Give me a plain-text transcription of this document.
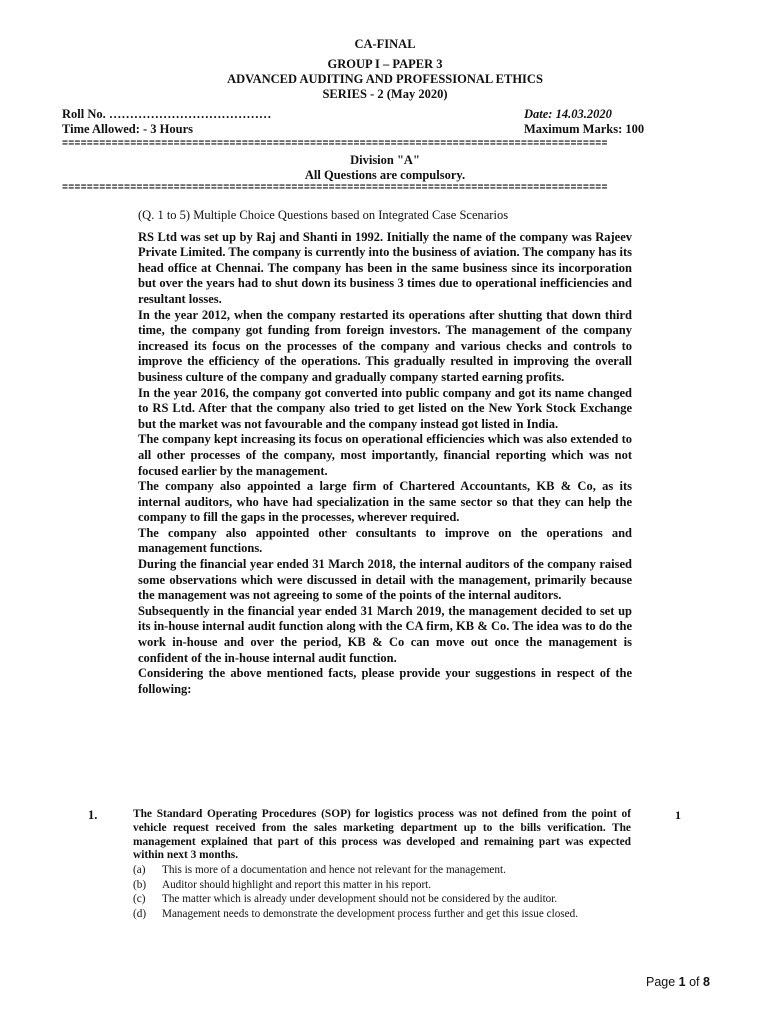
CA-FINAL
GROUP I – PAPER 3
ADVANCED AUDITING AND PROFESSIONAL ETHICS
SERIES - 2 (May 2020)
Roll No. …………………………………	Date: 14.03.2020
Time Allowed: - 3 Hours	Maximum Marks: 100
========================================================================================
Division "A"
All Questions are compulsory.
========================================================================================
(Q. 1 to 5) Multiple Choice Questions based on Integrated Case Scenarios

RS Ltd was set up by Raj and Shanti in 1992. Initially the name of the company was Rajeev Private Limited. The company is currently into the business of aviation. The company has its head office at Chennai. The company has been in the same business since its incorporation but over the years had to shut down its business 3 times due to operational inefficiencies and resultant losses.

In the year 2012, when the company restarted its operations after shutting that down third time, the company got funding from foreign investors. The management of the company increased its focus on the processes of the company and various checks and controls to improve the efficiency of the operations. This gradually resulted in improving the overall business culture of the company and gradually company started earning profits.

In the year 2016, the company got converted into public company and got its name changed to RS Ltd. After that the company also tried to get listed on the New York Stock Exchange but the market was not favourable and the company instead got listed in India.

The company kept increasing its focus on operational efficiencies which was also extended to all other processes of the company, most importantly, financial reporting which was not focused earlier by the management.

The company also appointed a large firm of Chartered Accountants, KB & Co, as its internal auditors, who have had specialization in the same sector so that they can help the company to fill the gaps in the processes, wherever required.

The company also appointed other consultants to improve on the operations and management functions.

During the financial year ended 31 March 2018, the internal auditors of the company raised some observations which were discussed in detail with the management, primarily because the management was not agreeing to some of the points of the internal auditors.

Subsequently in the financial year ended 31 March 2019, the management decided to set up its in-house internal audit function along with the CA firm, KB & Co. The idea was to do the work in-house and over the period, KB & Co can move out once the management is confident of the in-house internal audit function.

Considering the above mentioned facts, please provide your suggestions in respect of the following:

1.	1
The Standard Operating Procedures (SOP) for logistics process was not defined from the point of vehicle request received from the sales marketing department up to the bills verification. The management explained that part of this process was developed and remaining part was expected within next 3 months.
(a)	This is more of a documentation and hence not relevant for the management.
(b)	Auditor should highlight and report this matter in his report.
(c)	The matter which is already under development should not be considered by the auditor.
(d)	Management needs to demonstrate the development process further and get this issue closed.
Page 1 of 8
